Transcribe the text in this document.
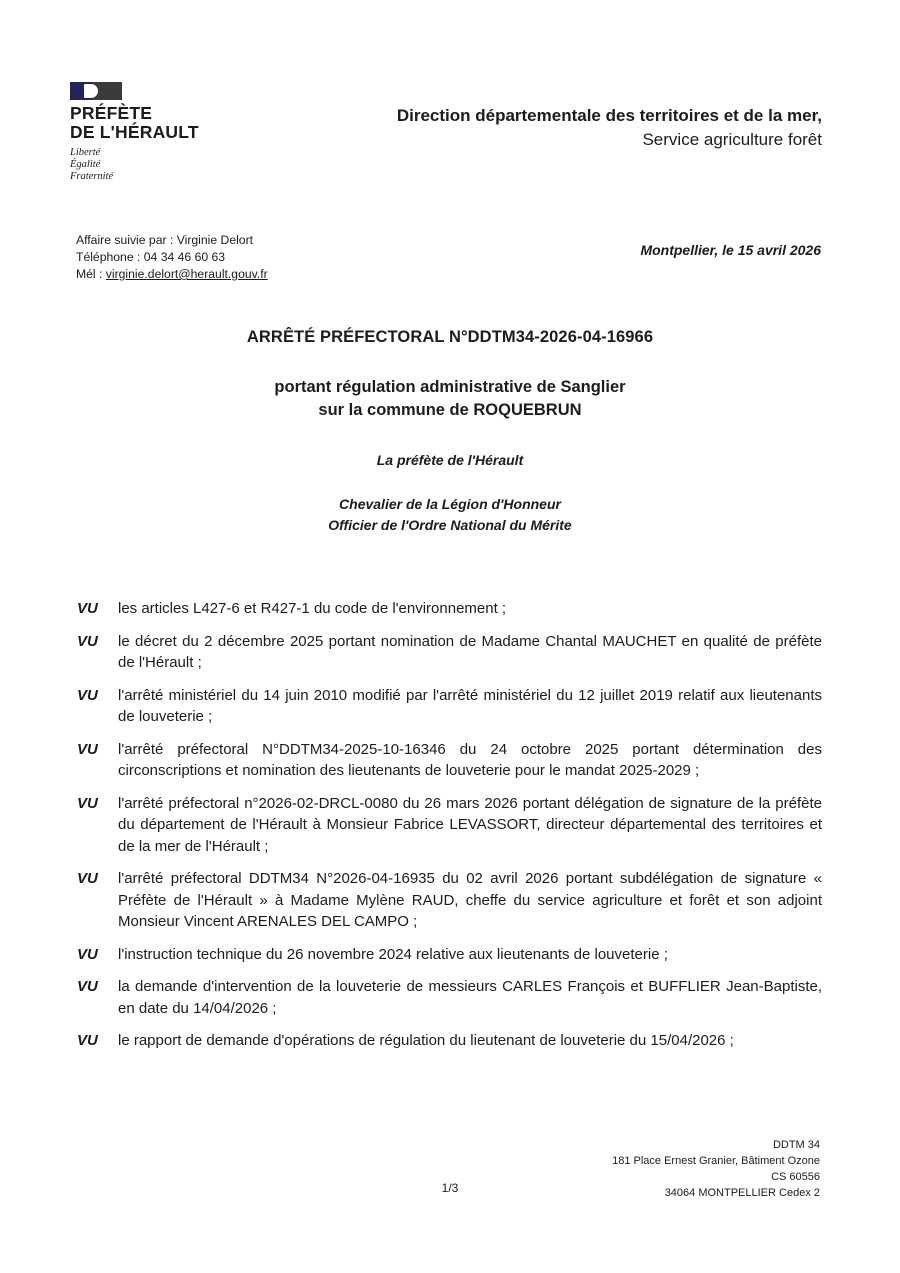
PRÉFÈTE
DE L'HÉRAULT
Liberté
Égalité
Fraternité
Direction départementale des territoires et de la mer,
Service agriculture forêt
Affaire suivie par : Virginie Delort
Téléphone : 04 34 46 60 63
Mél : virginie.delort@herault.gouv.fr
Montpellier, le 15 avril 2026
ARRÊTÉ PRÉFECTORAL N°DDTM34-2026-04-16966
portant régulation administrative de Sanglier
sur la commune de ROQUEBRUN
La préfète de l'Hérault
Chevalier de la Légion d'Honneur
Officier de l'Ordre National du Mérite
VU	les articles L427-6 et R427-1 du code de l'environnement ;
VU	le décret du 2 décembre 2025 portant nomination de Madame Chantal MAUCHET en qualité de préfète de l'Hérault ;
VU	l'arrêté ministériel du 14 juin 2010 modifié par l'arrêté ministériel du 12 juillet 2019 relatif aux lieutenants de louveterie ;
VU	l'arrêté préfectoral N°DDTM34-2025-10-16346 du 24 octobre 2025 portant détermination des circonscriptions et nomination des lieutenants de louveterie pour le mandat 2025-2029 ;
VU	l'arrêté préfectoral n°2026-02-DRCL-0080 du 26 mars 2026 portant délégation de signature de la préfète du département de l'Hérault à Monsieur Fabrice LEVASSORT, directeur départemental des territoires et de la mer de l'Hérault ;
VU	l'arrêté préfectoral DDTM34 N°2026-04-16935 du 02 avril 2026 portant subdélégation de signature « Préfète de l'Hérault » à Madame Mylène RAUD, cheffe du service agriculture et forêt et son adjoint Monsieur Vincent ARENALES DEL CAMPO ;
VU	l'instruction technique du 26 novembre 2024 relative aux lieutenants de louveterie ;
VU	la demande d'intervention de la louveterie de messieurs CARLES François et BUFFLIER Jean-Baptiste, en date du 14/04/2026 ;
VU	le rapport de demande d'opérations de régulation du lieutenant de louveterie du 15/04/2026 ;
DDTM 34
181 Place Ernest Granier, Bâtiment Ozone
CS 60556
34064 MONTPELLIER Cedex 2
1/3
